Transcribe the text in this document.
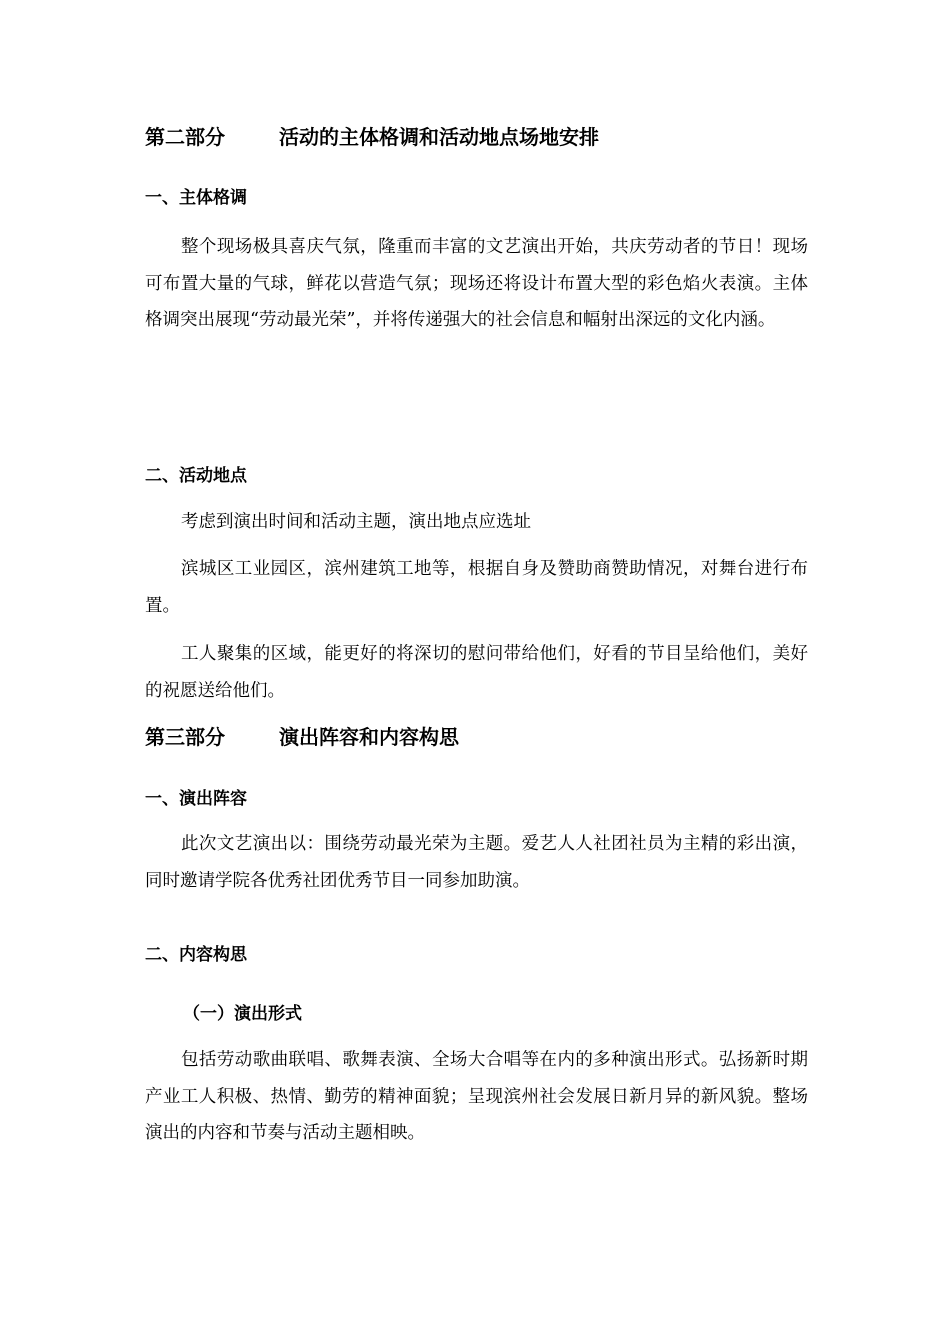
第二部分	活动的主体格调和活动地点场地安排
一、主体格调

整个现场极具喜庆气氛，隆重而丰富的文艺演出开始，共庆劳动者的节日！现场可布置大量的气球，鲜花以营造气氛；现场还将设计布置大型的彩色焰火表演。主体格调突出展现“劳动最光荣”，并将传递强大的社会信息和幅射出深远的文化内涵。

二、活动地点

考虑到演出时间和活动主题，演出地点应选址

滨城区工业园区，滨州建筑工地等，根据自身及赞助商赞助情况，对舞台进行布置。

工人聚集的区域，能更好的将深切的慰问带给他们，好看的节目呈给他们，美好的祝愿送给他们。

第三部分	演出阵容和内容构思
一、演出阵容

此次文艺演出以：围绕劳动最光荣为主题。爱艺人人社团社员为主精的彩出演，同时邀请学院各优秀社团优秀节目一同参加助演。

二、内容构思
（一）演出形式

包括劳动歌曲联唱、歌舞表演、全场大合唱等在内的多种演出形式。弘扬新时期产业工人积极、热情、勤劳的精神面貌；呈现滨州社会发展日新月异的新风貌。整场演出的内容和节奏与活动主题相映。
